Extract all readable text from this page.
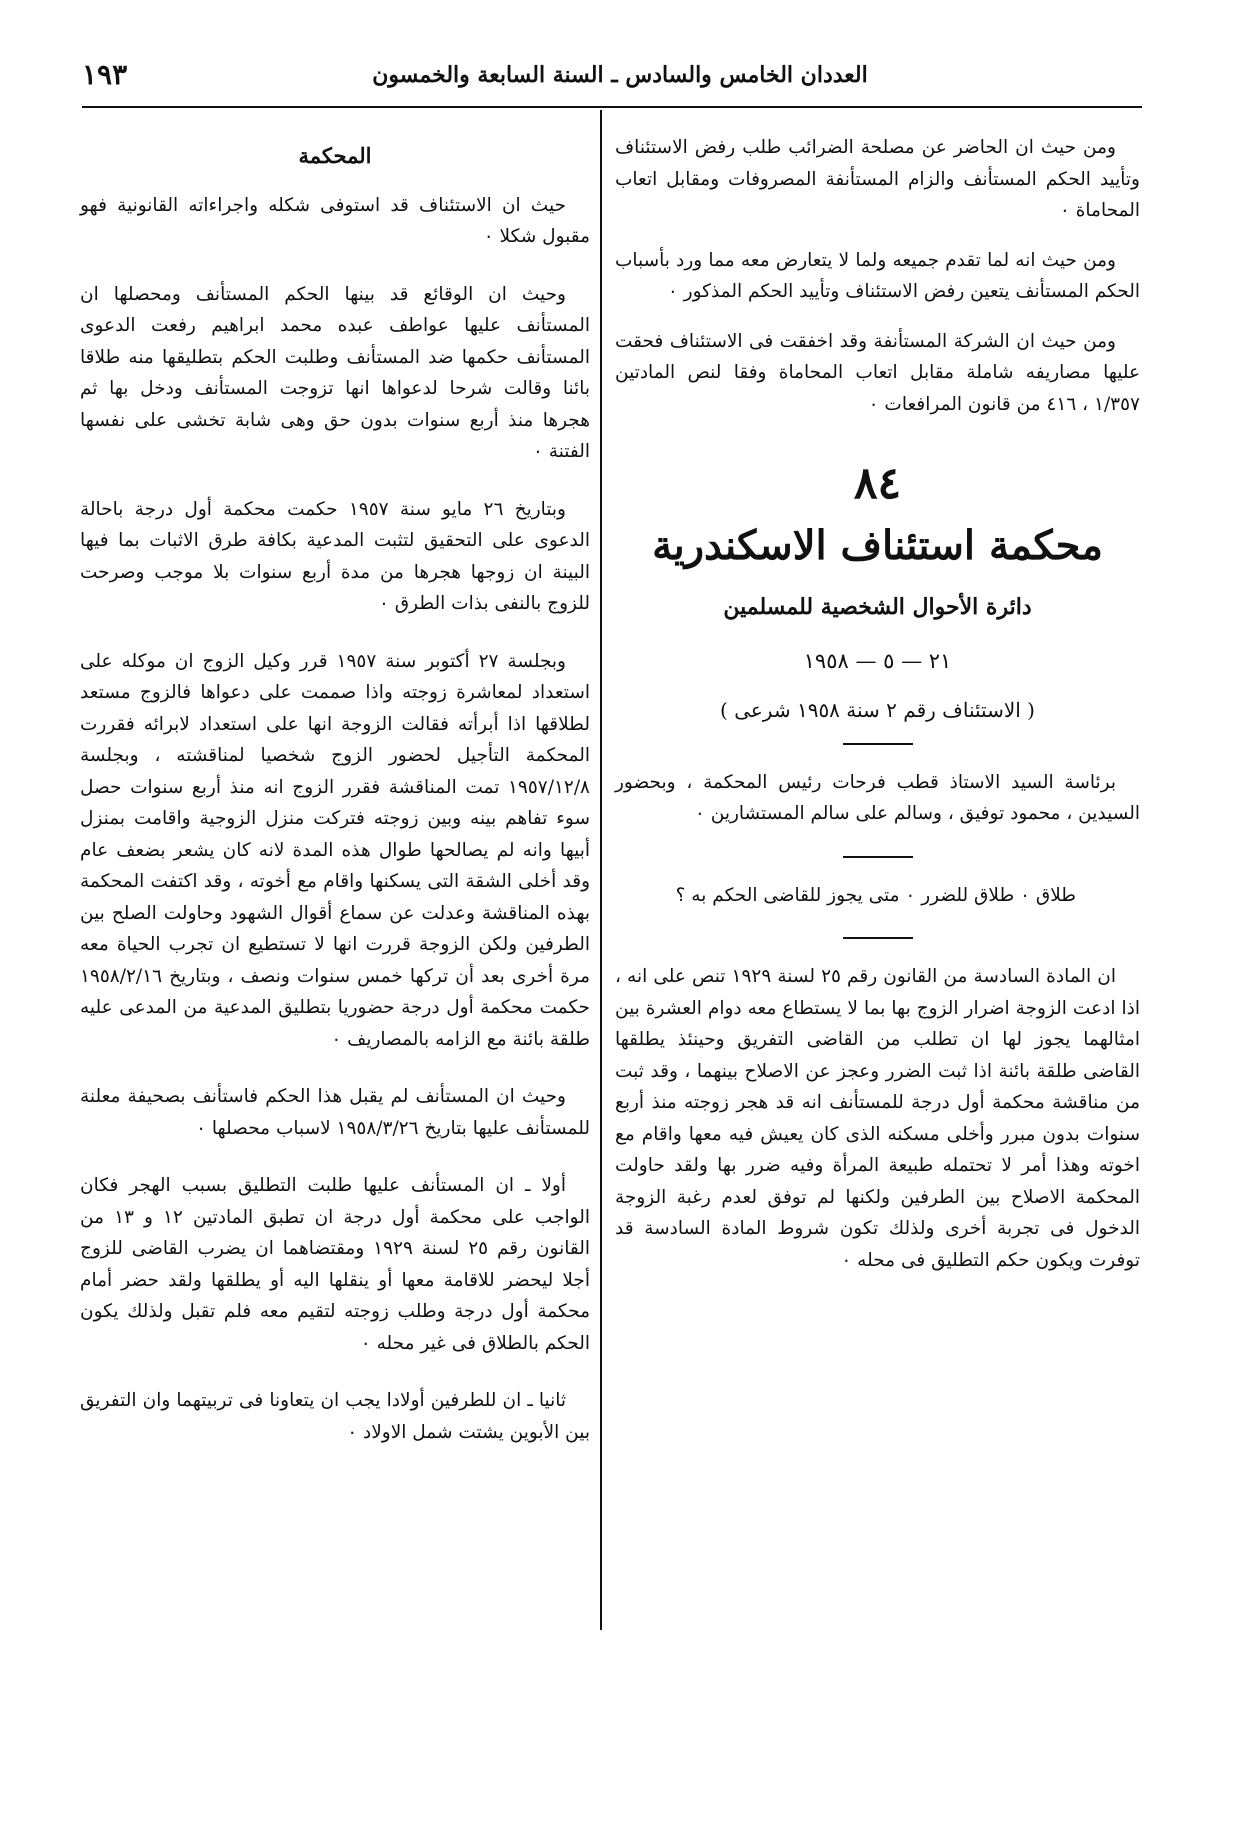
العددان الخامس والسادس ـ السنة السابعة والخمسون
١٩٣

ومن حيث ان الحاضر عن مصلحة الضرائب طلب رفض الاستئناف وتأييد الحكم المستأنف والزام المستأنفة المصروفات ومقابل اتعاب المحاماة ٠

ومن حيث انه لما تقدم جميعه ولما لا يتعارض معه مما ورد بأسباب الحكم المستأنف يتعين رفض الاستئناف وتأييد الحكم المذكور ٠

ومن حيث ان الشركة المستأنفة وقد اخفقت فى الاستئناف فحقت عليها مصاريفه شاملة مقابل اتعاب المحاماة وفقا لنص المادتين ١/٣٥٧ ، ٤١٦ من قانون المرافعات ٠

٨٤
محكمة استئناف الاسكندرية
دائرة الأحوال الشخصية للمسلمين
٢١ — ٥ — ١٩٥٨
( الاستئناف رقم ٢ سنة ١٩٥٨ شرعى )

برئاسة السيد الاستاذ قطب فرحات رئيس المحكمة ، وبحضور السيدين ، محمود توفيق ، وسالم على سالم المستشارين ٠

طلاق ٠ طلاق للضرر ٠ متى يجوز للقاضى الحكم به ؟

ان المادة السادسة من القانون رقم ٢٥ لسنة ١٩٢٩ تنص على انه ، اذا ادعت الزوجة اضرار الزوج بها بما لا يستطاع معه دوام العشرة بين امثالهما يجوز لها ان تطلب من القاضى التفريق وحينئذ يطلقها القاضى طلقة بائنة اذا ثبت الضرر وعجز عن الاصلاح بينهما ، وقد ثبت من مناقشة محكمة أول درجة للمستأنف انه قد هجر زوجته منذ أربع سنوات بدون مبرر وأخلى مسكنه الذى كان يعيش فيه معها واقام مع اخوته وهذا أمر لا تحتمله طبيعة المرأة وفيه ضرر بها ولقد حاولت المحكمة الاصلاح بين الطرفين ولكنها لم توفق لعدم رغبة الزوجة الدخول فى تجربة أخرى ولذلك تكون شروط المادة السادسة قد توفرت ويكون حكم التطليق فى محله ٠

المحكمة

حيث ان الاستئناف قد استوفى شكله واجراءاته القانونية فهو مقبول شكلا ٠

وحيث ان الوقائع قد بينها الحكم المستأنف ومحصلها ان المستأنف عليها عواطف عبده محمد ابراهيم رفعت الدعوى المستأنف حكمها ضد المستأنف وطلبت الحكم بتطليقها منه طلاقا بائنا وقالت شرحا لدعواها انها تزوجت المستأنف ودخل بها ثم هجرها منذ أربع سنوات بدون حق وهى شابة تخشى على نفسها الفتنة ٠

وبتاريخ ٢٦ مايو سنة ١٩٥٧ حكمت محكمة أول درجة باحالة الدعوى على التحقيق لتثبت المدعية بكافة طرق الاثبات بما فيها البينة ان زوجها هجرها من مدة أربع سنوات بلا موجب وصرحت للزوج بالنفى بذات الطرق ٠

وبجلسة ٢٧ أكتوبر سنة ١٩٥٧ قرر وكيل الزوج ان موكله على استعداد لمعاشرة زوجته واذا صممت على دعواها فالزوج مستعد لطلاقها اذا أبرأته فقالت الزوجة انها على استعداد لابرائه فقررت المحكمة التأجيل لحضور الزوج شخصيا لمناقشته ، وبجلسة ١٩٥٧/١٢/٨ تمت المناقشة فقرر الزوج انه منذ أربع سنوات حصل سوء تفاهم بينه وبين زوجته فتركت منزل الزوجية واقامت بمنزل أبيها وانه لم يصالحها طوال هذه المدة لانه كان يشعر بضعف عام وقد أخلى الشقة التى يسكنها واقام مع أخوته ، وقد اكتفت المحكمة بهذه المناقشة وعدلت عن سماع أقوال الشهود وحاولت الصلح بين الطرفين ولكن الزوجة قررت انها لا تستطيع ان تجرب الحياة معه مرة أخرى بعد أن تركها خمس سنوات ونصف ، وبتاريخ ١٩٥٨/٢/١٦ حكمت محكمة أول درجة حضوريا بتطليق المدعية من المدعى عليه طلقة بائنة مع الزامه بالمصاريف ٠

وحيث ان المستأنف لم يقبل هذا الحكم فاستأنف بصحيفة معلنة للمستأنف عليها بتاريخ ١٩٥٨/٣/٢٦ لاسباب محصلها ٠

أولا ـ ان المستأنف عليها طلبت التطليق بسبب الهجر فكان الواجب على محكمة أول درجة ان تطبق المادتين ١٢ و ١٣ من القانون رقم ٢٥ لسنة ١٩٢٩ ومقتضاهما ان يضرب القاضى للزوج أجلا ليحضر للاقامة معها أو ينقلها اليه أو يطلقها ولقد حضر أمام محكمة أول درجة وطلب زوجته لتقيم معه فلم تقبل ولذلك يكون الحكم بالطلاق فى غير محله ٠

ثانيا ـ ان للطرفين أولادا يجب ان يتعاونا فى تربيتهما وان التفريق بين الأبوين يشتت شمل الاولاد ٠
